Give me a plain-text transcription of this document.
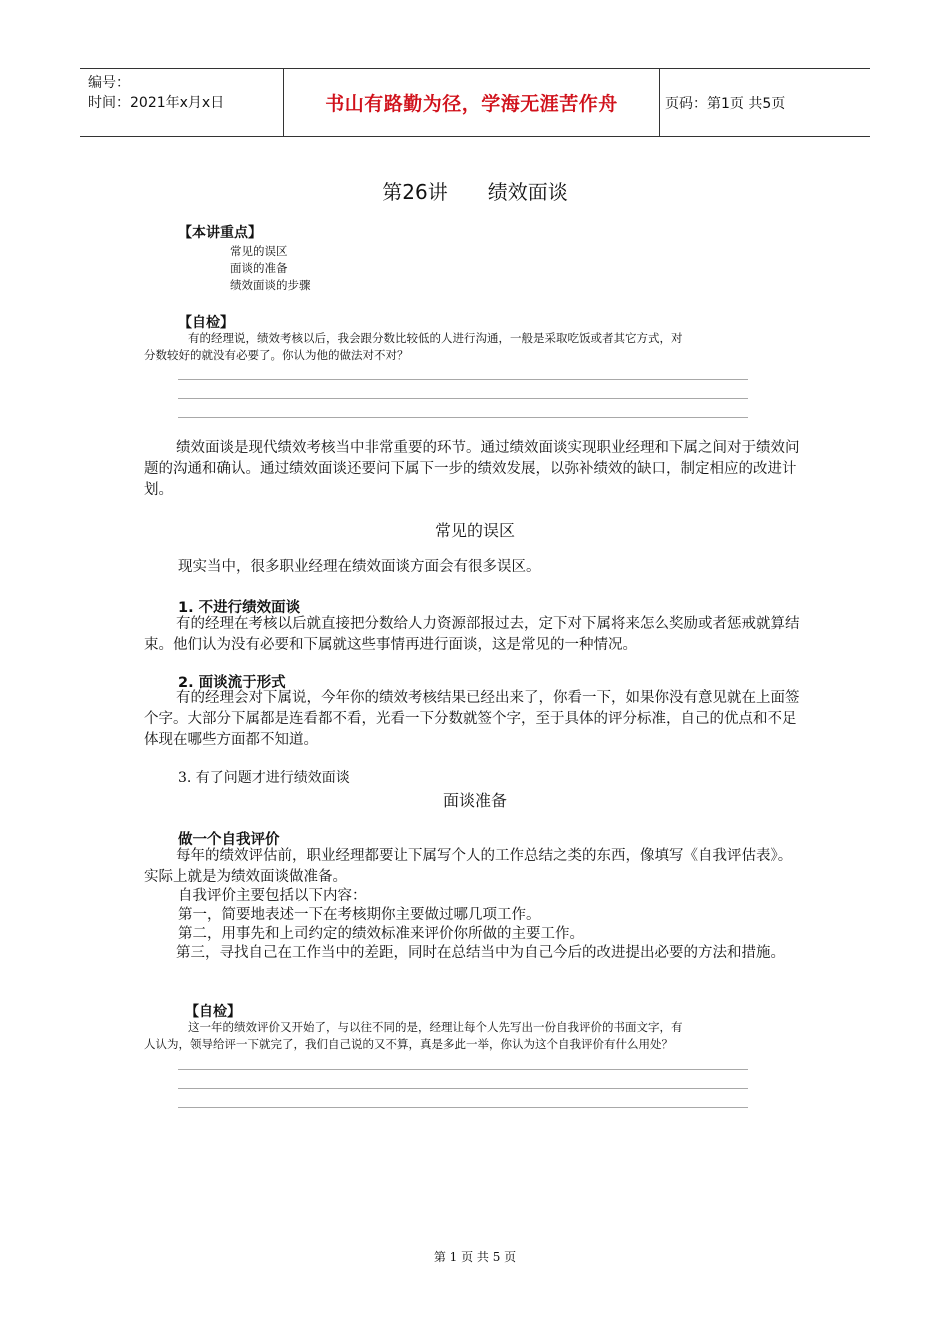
编号：
时间：2021年x月x日	书山有路勤为径，学海无涯苦作舟	页码：第1页 共5页
第26讲 绩效面谈
【本讲重点】
常见的误区
面谈的准备
绩效面谈的步骤
【自检】
有的经理说，绩效考核以后，我会跟分数比较低的人进行沟通，一般是采取吃饭或者其它方式，对
分数较好的就没有必要了。你认为他的做法对不对？

绩效面谈是现代绩效考核当中非常重要的环节。通过绩效面谈实现职业经理和下属之间对于绩效问题的沟通和确认。通过绩效面谈还要问下属下一步的绩效发展，以弥补绩效的缺口，制定相应的改进计划。

常见的误区

现实当中，很多职业经理在绩效面谈方面会有很多误区。

1. 不进行绩效面谈

有的经理在考核以后就直接把分数给人力资源部报过去，定下对下属将来怎么奖励或者惩戒就算结束。他们认为没有必要和下属就这些事情再进行面谈，这是常见的一种情况。

2. 面谈流于形式

有的经理会对下属说，今年你的绩效考核结果已经出来了，你看一下，如果你没有意见就在上面签个字。大部分下属都是连看都不看，光看一下分数就签个字，至于具体的评分标准，自己的优点和不足体现在哪些方面都不知道。

3. 有了问题才进行绩效面谈
面谈准备
做一个自我评价

每年的绩效评估前，职业经理都要让下属写个人的工作总结之类的东西，像填写《自我评估表》。实际上就是为绩效面谈做准备。

自我评价主要包括以下内容：

第一，简要地表述一下在考核期你主要做过哪几项工作。

第二，用事先和上司约定的绩效标准来评价你所做的主要工作。

第三，寻找自己在工作当中的差距，同时在总结当中为自己今后的改进提出必要的方法和措施。

【自检】
这一年的绩效评价又开始了，与以往不同的是，经理让每个人先写出一份自我评价的书面文字，有
人认为，领导给评一下就完了，我们自己说的又不算，真是多此一举，你认为这个自我评价有什么用处？
第 1 页 共 5 页
